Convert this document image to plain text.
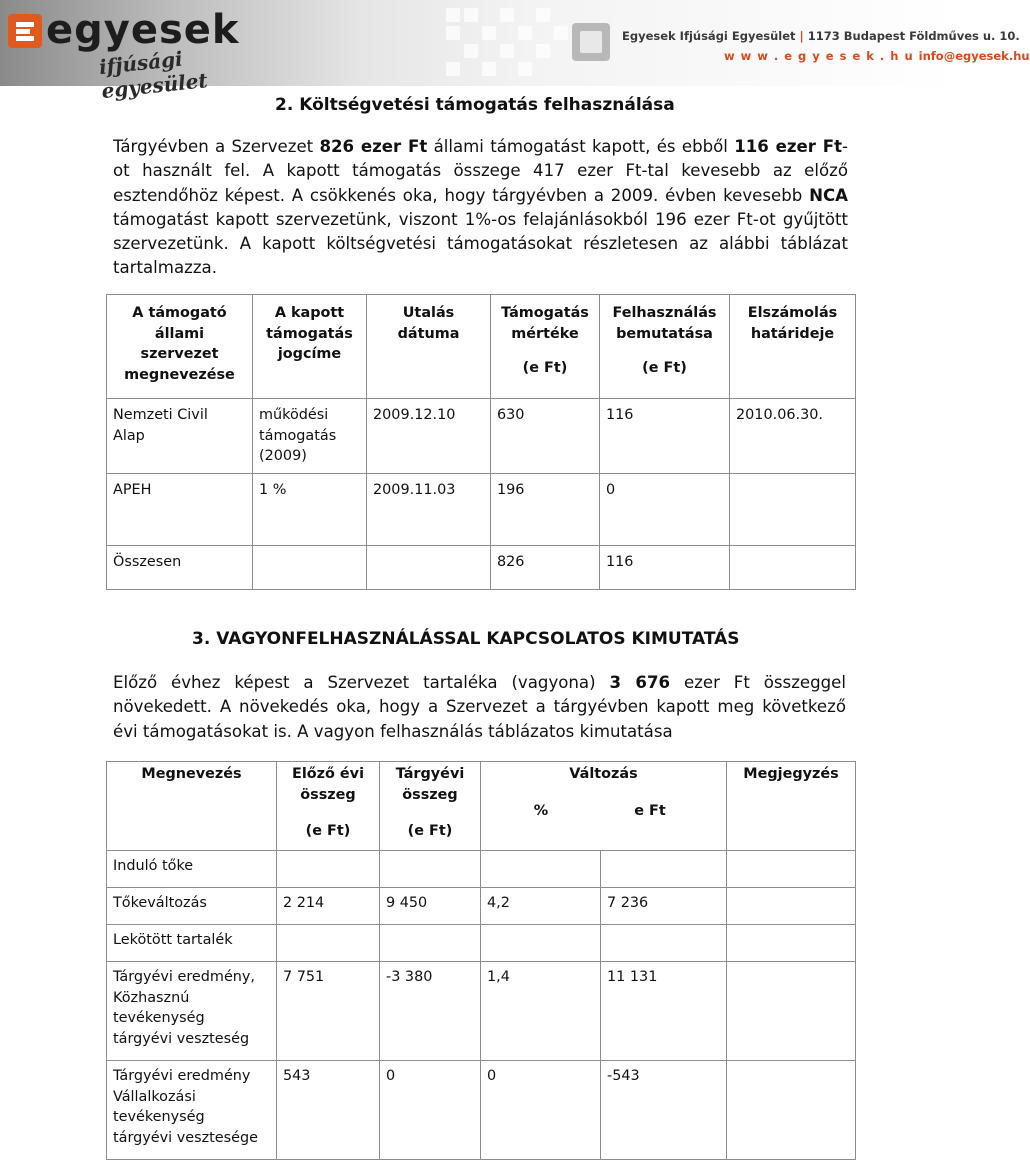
egyesek
ifjúsági egyesület
Egyesek Ifjúsági Egyesület | 1173 Budapest Földműves u. 10.
w w w . e g y e s e k . h u info@egyesek.hu
2. Költségvetési támogatás felhasználása

Tárgyévben a Szervezet 826 ezer Ft állami támogatást kapott, és ebből 116 ezer Ft-ot használt fel. A kapott támogatás összege 417 ezer Ft-tal kevesebb az előző esztendőhöz képest. A csökkenés oka, hogy tárgyévben a 2009. évben kevesebb NCA támogatást kapott szervezetünk, viszont 1%-os felajánlásokból 196 ezer Ft-ot gyűjtött szervezetünk. A kapott költségvetési támogatásokat részletesen az alábbi táblázat tartalmazza.

A támogató
állami
szervezet
megnevezése	A kapott
támogatás
jogcíme	Utalás
dátuma	Támogatás
mértéke
(e Ft)	Felhasználás
bemutatása
(e Ft)	Elszámolás
határideje

Nemzeti Civil
Alap	működési
támogatás
(2009)	2009.12.10	630	116	2010.06.30.

APEH	1 %	2009.11.03	196	0	

Összesen			826	116	
3. VAGYONFELHASZNÁLÁSSAL KAPCSOLATOS KIMUTATÁS

Előző évhez képest a Szervezet tartaléka (vagyona) 3 676 ezer Ft összeggel növekedett. A növekedés oka, hogy a Szervezet a tárgyévben kapott meg következő évi támogatásokat is. A vagyon felhasználás táblázatos kimutatása

Megnevezés	Előző évi
összeg
(e Ft)	Tárgyévi
összeg
(e Ft)	Változás
% e Ft		Megjegyzés

Induló tőke					

Tőkeváltozás	2 214	9 450	4,2	7 236	

Lekötött tartalék					

Tárgyévi eredmény,
Közhasznú
tevékenység
tárgyévi veszteség	7 751	-3 380	1,4	11 131	

Tárgyévi eredmény
Vállalkozási
tevékenység
tárgyévi vesztesége	543	0	0	-543	
